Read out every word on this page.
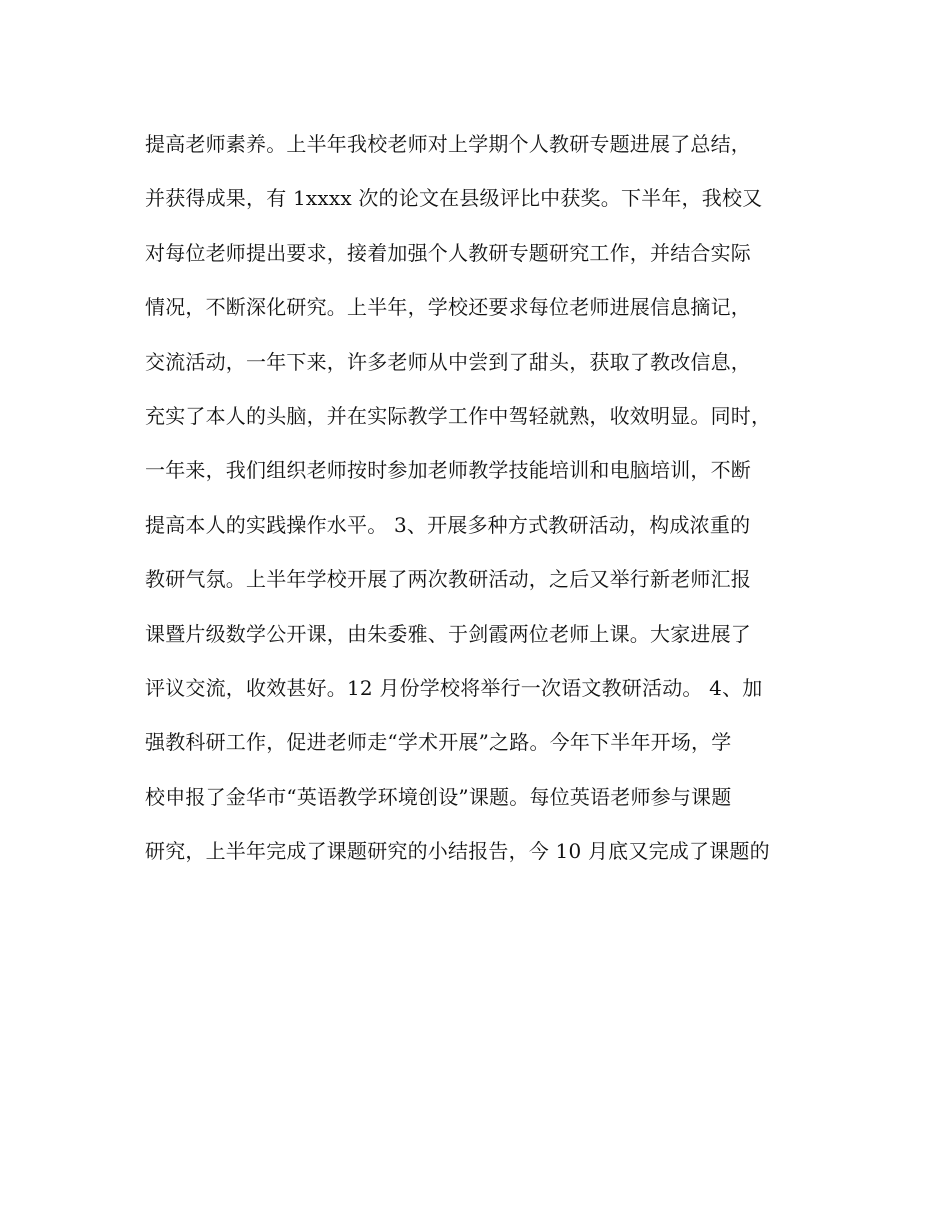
提高老师素养。上半年我校老师对上学期个人教研专题进展了总结，
并获得成果，有 1xxxx 次的论文在县级评比中获奖。下半年，我校又
对每位老师提出要求，接着加强个人教研专题研究工作，并结合实际
情况，不断深化研究。上半年，学校还要求每位老师进展信息摘记，
交流活动，一年下来，许多老师从中尝到了甜头，获取了教改信息，
充实了本人的头脑，并在实际教学工作中驾轻就熟，收效明显。同时，
一年来，我们组织老师按时参加老师教学技能培训和电脑培训，不断
提高本人的实践操作水平。 3、开展多种方式教研活动，构成浓重的
教研气氛。上半年学校开展了两次教研活动，之后又举行新老师汇报
课暨片级数学公开课，由朱委雅、于剑霞两位老师上课。大家进展了
评议交流，收效甚好。12 月份学校将举行一次语文教研活动。 4、加
强教科研工作，促进老师走“学术开展”之路。今年下半年开场，学
校申报了金华市“英语教学环境创设”课题。每位英语老师参与课题
研究，上半年完成了课题研究的小结报告，今 10 月底又完成了课题的
